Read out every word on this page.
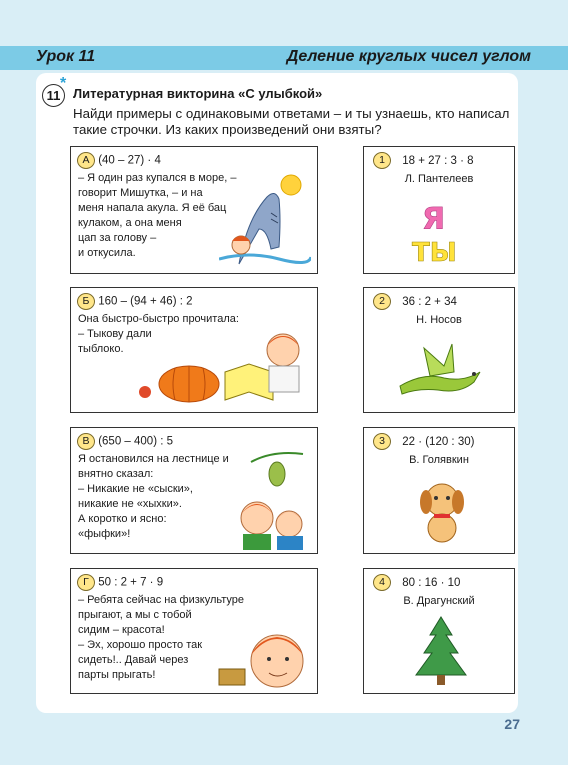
Урок 11	Деление круглых чисел углом
11
*
Литературная викторина «С улыбкой»
Найди примеры с одинаковыми ответами – и ты узнаешь, кто написал такие строчки. Из каких произведений они взяты?
А (40 – 27) · 4
– Я один раз купался в море, –
говорит Мишутка, – и на
меня напала акула. Я её бац
кулаком, а она меня
цап за голову –
и откусила.
Б 160 – (94 + 46) : 2
Она быстро-быстро прочитала:
– Тыкову дали
тыблоко.
В (650 – 400) : 5
Я остановился на лестнице и
внятно сказал:
– Никакие не «сыски»,
никакие не «хыхки».
А коротко и ясно:
«фыфки»!
Г 50 : 2 + 7 · 9
– Ребята сейчас на физкультуре
прыгают, а мы с тобой
сидим – красота!
– Эх, хорошо просто так
сидеть!.. Давай через
парты прыгать!
1 18 + 27 : 3 · 8
Л. Пантелеев
Я
ТЫ
2 36 : 2 + 34
Н. Носов
3 22 · (120 : 30)
В. Голявкин
4 80 : 16 · 10
В. Драгунский
27
